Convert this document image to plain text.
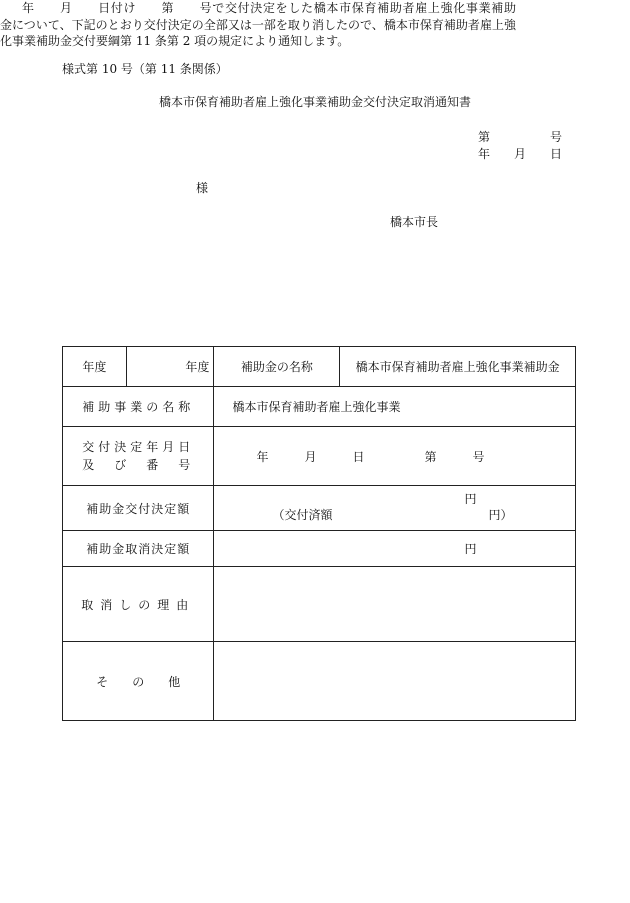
様式第 10 号（第 11 条関係）
橋本市保育補助者雇上強化事業補助金交付決定取消通知書
第　　　　　号
年　　月　　日
様
橋本市長
年　　月　　日付け　　第　　号で交付決定をした橋本市保育補助者雇上強化事業補助
金について、下記のとおり交付決定の全部又は一部を取り消したので、橋本市保育補助者雇上強
化事業補助金交付要綱第 11 条第 2 項の規定により通知します。
年度	年度	補助金の名称	橋本市保育補助者雇上強化事業補助金
補助事業の名称		橋本市保育補助者雇上強化事業	
交付決定年月日
及　び　番　号		年　　　月　　　日　　　　　第　　　号	
補助金交付決定額		円
（交付済額　　　　　　　　　　　　　円）	

補助金取消決定額		円	
取消しの理由			
そ　　の　　他			
